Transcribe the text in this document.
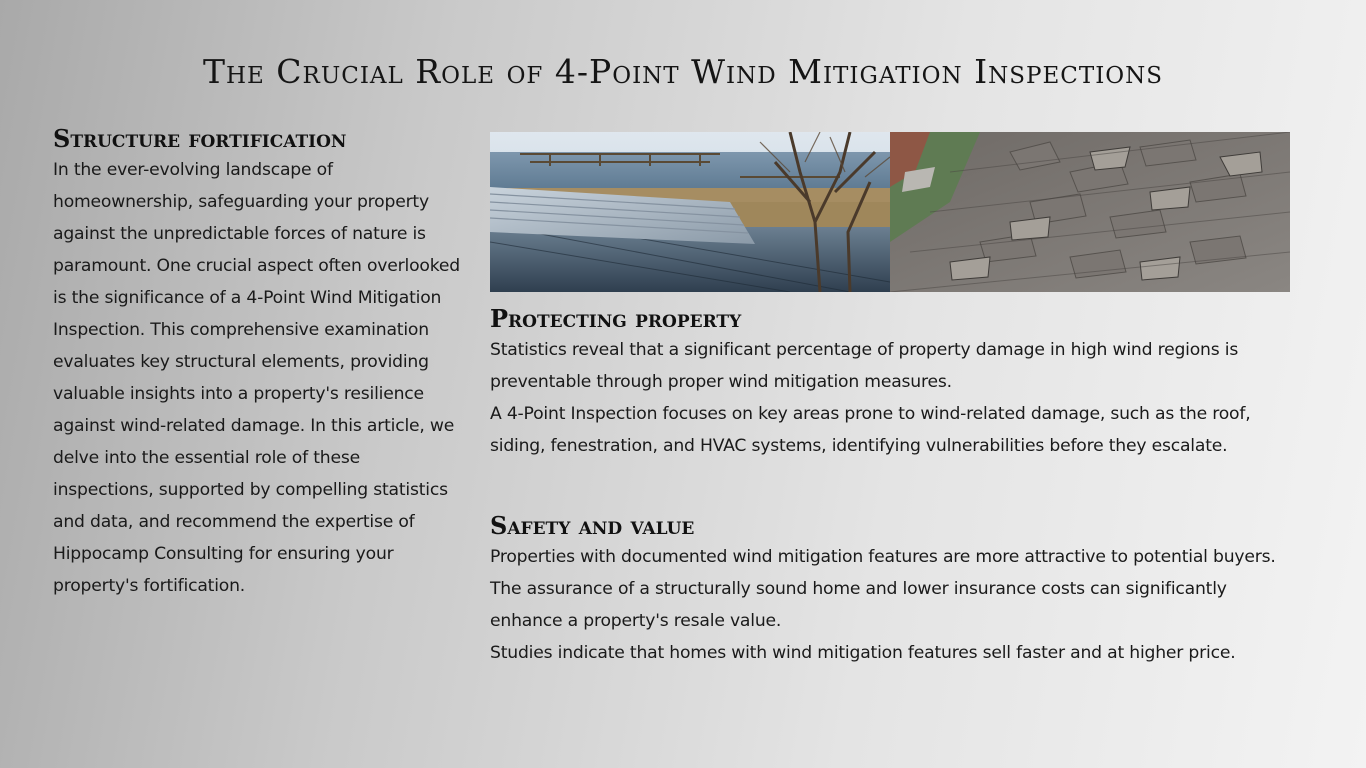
The Crucial Role of 4-Point Wind Mitigation Inspections
Structure fortification

In the ever-evolving landscape of homeownership, safeguarding your property against the unpredictable forces of nature is paramount. One crucial aspect often overlooked is the significance of a 4-Point Wind Mitigation Inspection. This comprehensive examination evaluates key structural elements, providing valuable insights into a property's resilience against wind-related damage. In this article, we delve into the essential role of these inspections, supported by compelling statistics and data, and recommend the expertise of Hippocamp Consulting for ensuring your property's fortification.

Protecting property

Statistics reveal that a significant percentage of property damage in high wind regions is preventable through proper wind mitigation measures.

A 4-Point Inspection focuses on key areas prone to wind-related damage, such as the roof, siding, fenestration, and HVAC systems, identifying vulnerabilities before they escalate.

Safety and value

Properties with documented wind mitigation features are more attractive to potential buyers. The assurance of a structurally sound home and lower insurance costs can significantly enhance a property's resale value.

Studies indicate that homes with wind mitigation features sell faster and at higher price.
